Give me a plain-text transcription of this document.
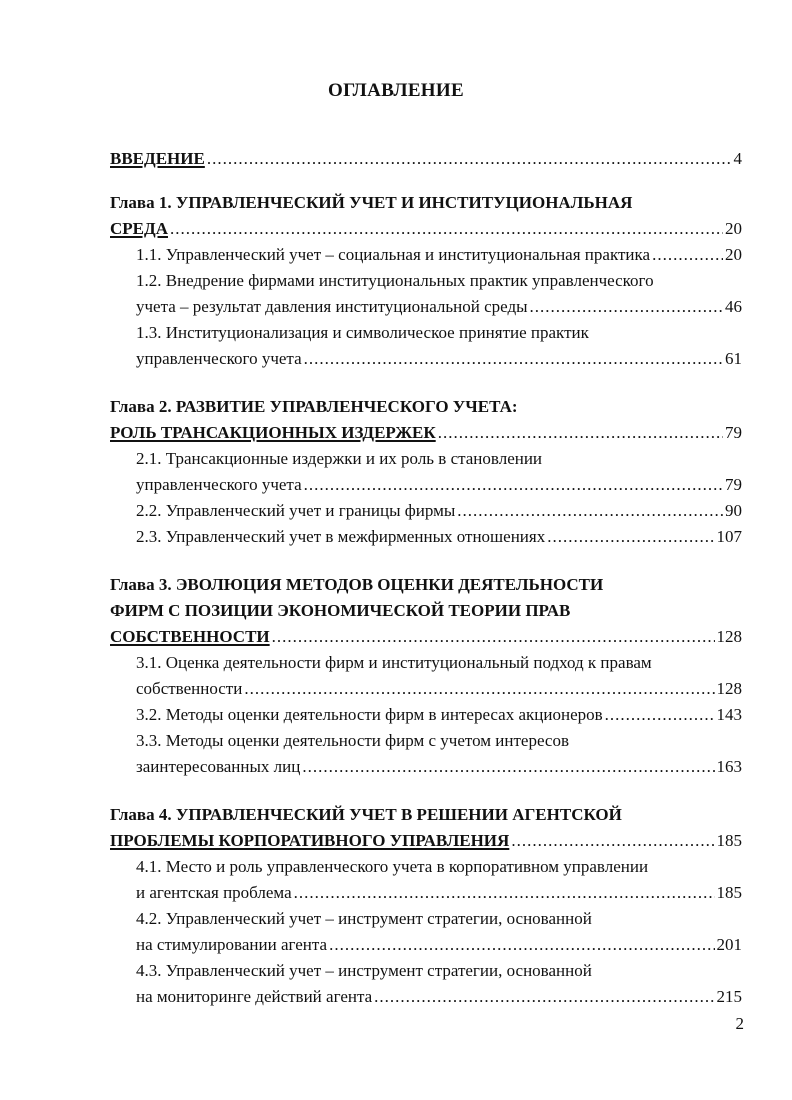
ОГЛАВЛЕНИЕ
ВВЕДЕНИЕ .....	4
Глава 1. УПРАВЛЕНЧЕСКИЙ УЧЕТ И ИНСТИТУЦИОНАЛЬНАЯ
СРЕДА .....	20
1.1. Управленческий учет – социальная и институциональная практика .....	20
1.2. Внедрение фирмами институциональных практик управленческого
учета – результат давления институциональной среды .....	46
1.3. Институционализация и символическое принятие практик
управленческого учета .....	61
Глава 2. РАЗВИТИЕ УПРАВЛЕНЧЕСКОГО УЧЕТА:
РОЛЬ ТРАНСАКЦИОННЫХ ИЗДЕРЖЕК .....	79
2.1. Трансакционные издержки и их роль в становлении
управленческого учета .....	79
2.2. Управленческий учет и границы фирмы .....	90
2.3. Управленческий учет в межфирменных отношениях .....	107
Глава 3. ЭВОЛЮЦИЯ МЕТОДОВ ОЦЕНКИ ДЕЯТЕЛЬНОСТИ
ФИРМ С ПОЗИЦИИ ЭКОНОМИЧЕСКОЙ ТЕОРИИ ПРАВ
СОБСТВЕННОСТИ .....	128
3.1. Оценка деятельности фирм и институциональный подход к правам
собственности .....	128
3.2. Методы оценки деятельности фирм в интересах акционеров .....	143
3.3. Методы оценки деятельности фирм с учетом интересов
заинтересованных лиц .....	163
Глава 4. УПРАВЛЕНЧЕСКИЙ УЧЕТ В РЕШЕНИИ АГЕНТСКОЙ
ПРОБЛЕМЫ КОРПОРАТИВНОГО УПРАВЛЕНИЯ .....	185
4.1. Место и роль управленческого учета в корпоративном управлении
и агентская проблема .....	185
4.2. Управленческий учет – инструмент стратегии, основанной
на стимулировании агента .....	201
4.3. Управленческий учет – инструмент стратегии, основанной
на мониторинге действий агента .....	215
2
